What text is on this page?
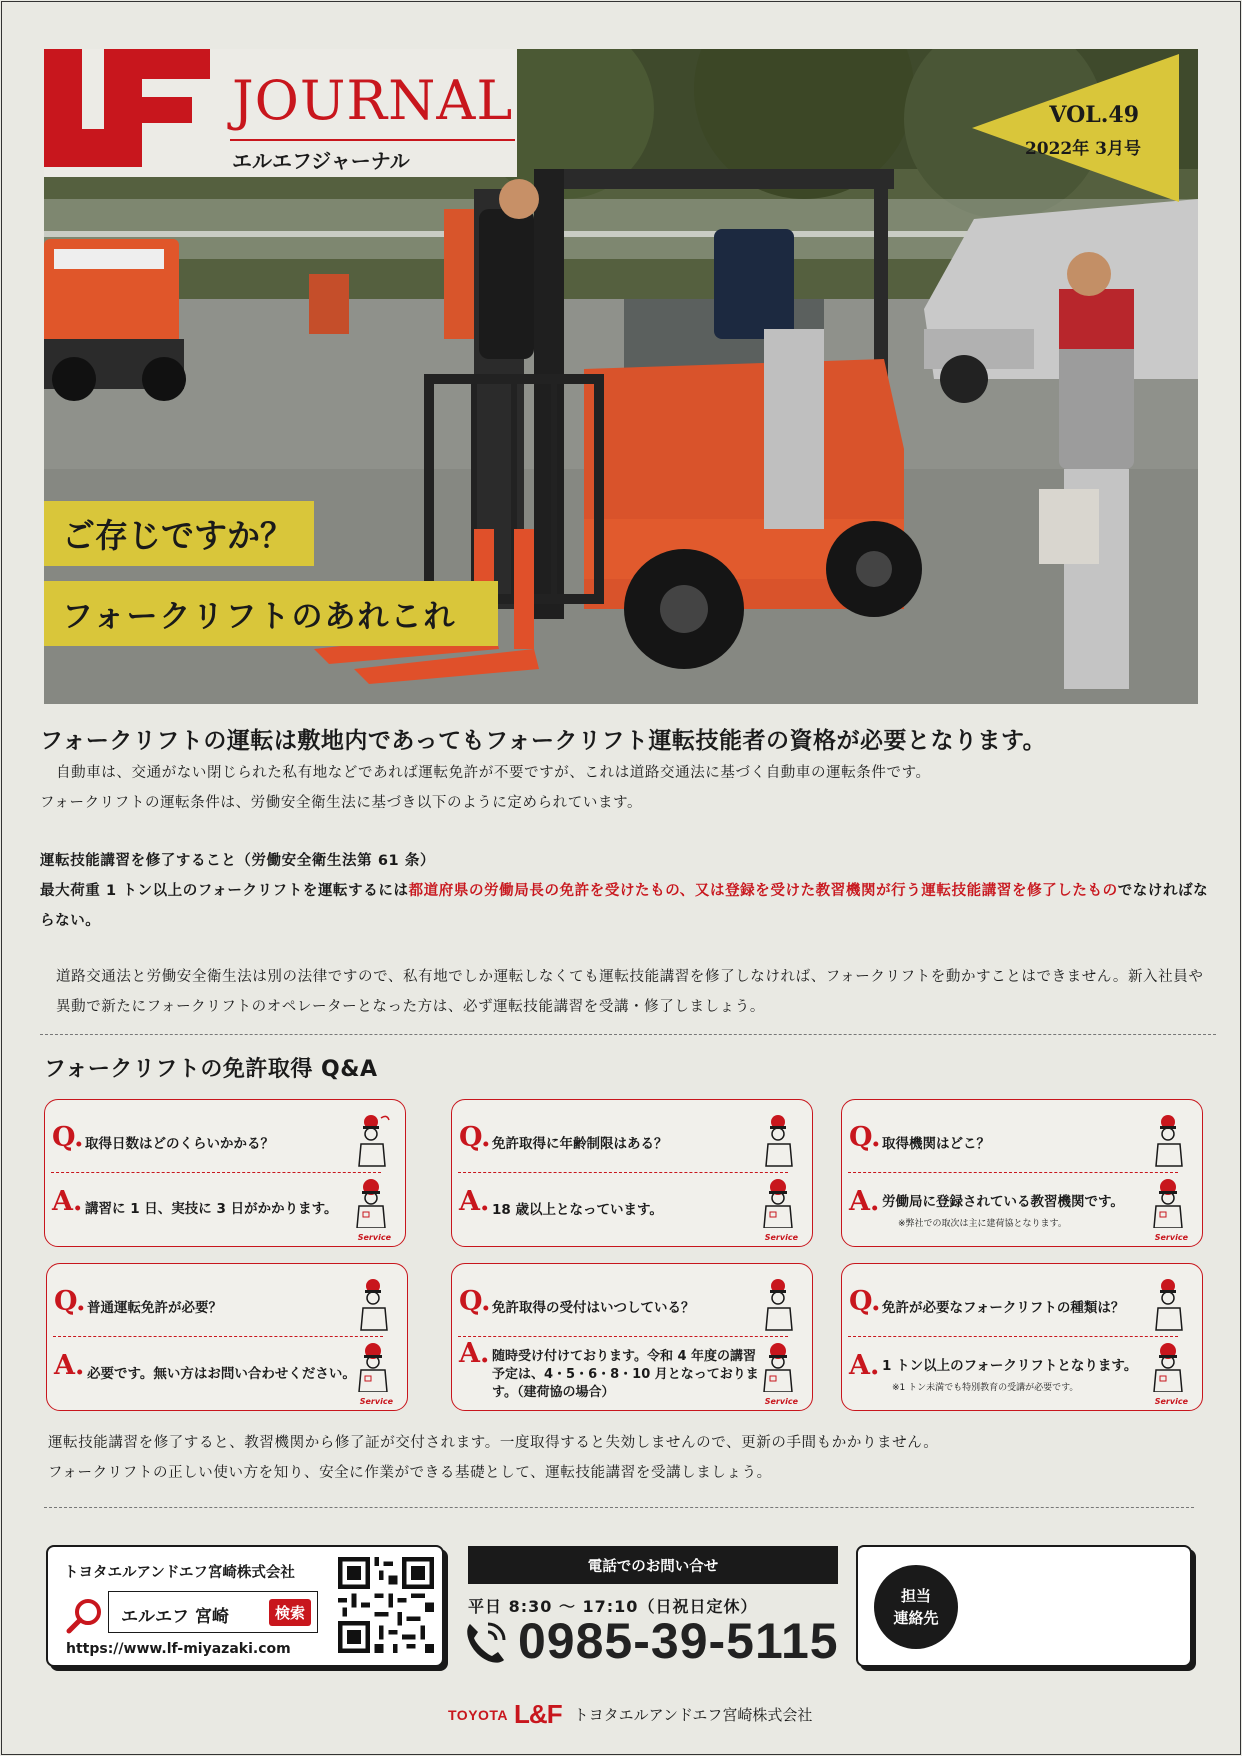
JOURNAL
エルエフジャーナル
VOL.49
2022年 3月号
ご存じですか？
フォークリフトのあれこれ
フォークリフトの運転は敷地内であってもフォークリフト運転技能者の資格が必要となります。
自動車は、交通がない閉じられた私有地などであれば運転免許が不要ですが、これは道路交通法に基づく自動車の運転条件です。
フォークリフトの運転条件は、労働安全衛生法に基づき以下のように定められています。
運転技能講習を修了すること（労働安全衛生法第 61 条）
最大荷重 1 トン以上のフォークリフトを運転するには都道府県の労働局長の免許を受けたもの、又は登録を受けた教習機関が行う運転技能講習を修了したものでなければならない。
道路交通法と労働安全衛生法は別の法律ですので、私有地でしか運転しなくても運転技能講習を修了しなければ、フォークリフトを動かすことはできません。新入社員や異動で新たにフォークリフトのオペレーターとなった方は、必ず運転技能講習を受講・修了しましょう。
フォークリフトの免許取得 Q&A
Q. 取得日数はどのくらいかかる？
A. 講習に 1 日、実技に 3 日がかかります。
Service
Q. 免許取得に年齢制限はある？
A. 18 歳以上となっています。
Service
Q. 取得機関はどこ？
A. 労働局に登録されている教習機関です。
※弊社での取次は主に建荷協となります。
Service
Q. 普通運転免許が必要？
A. 必要です。無い方はお問い合わせください。
Service
Q. 免許取得の受付はいつしている？
A. 随時受け付けております。令和 4 年度の講習予定は、4・5・6・8・10 月となっております。（建荷協の場合）
Service
Q. 免許が必要なフォークリフトの種類は？
A. 1 トン以上のフォークリフトとなります。
※1 トン未満でも特別教育の受講が必要です。
Service
運転技能講習を修了すると、教習機関から修了証が交付されます。一度取得すると失効しませんので、更新の手間もかかりません。
フォークリフトの正しい使い方を知り、安全に作業ができる基礎として、運転技能講習を受講しましょう。
トヨタエルアンドエフ宮崎株式会社
エルエフ 宮崎	検索
https://www.lf-miyazaki.com
電話でのお問い合せ
平日 8:30 〜 17:10（日祝日定休）
0985-39-5115
担当
連絡先
TOYOTA L&F トヨタエルアンドエフ宮崎株式会社
